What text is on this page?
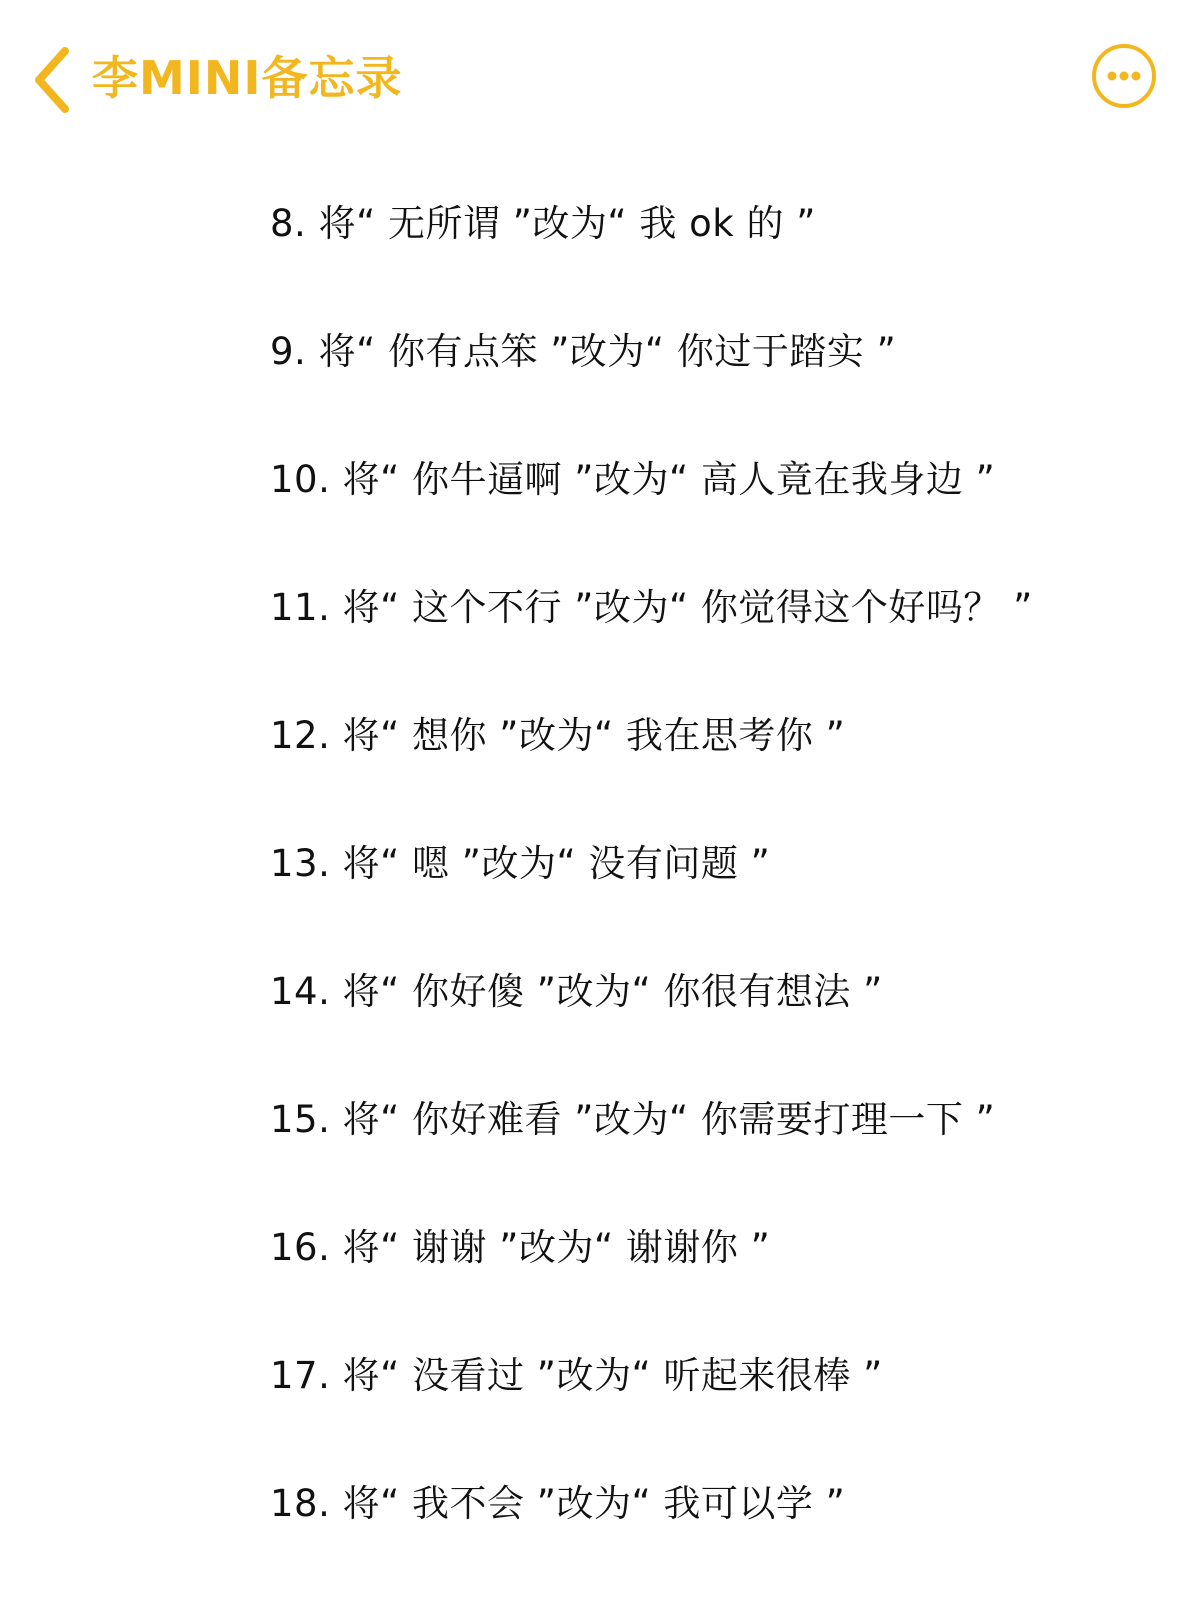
李MINI备忘录
8. 将“ 无所谓 ”改为“ 我 ok 的 ”
9. 将“ 你有点笨 ”改为“ 你过于踏实 ”
10. 将“ 你牛逼啊 ”改为“ 高人竟在我身边 ”
11. 将“ 这个不行 ”改为“ 你觉得这个好吗？ ”
12. 将“ 想你 ”改为“ 我在思考你 ”
13. 将“ 嗯 ”改为“ 没有问题 ”
14. 将“ 你好傻 ”改为“ 你很有想法 ”
15. 将“ 你好难看 ”改为“ 你需要打理一下 ”
16. 将“ 谢谢 ”改为“ 谢谢你 ”
17. 将“ 没看过 ”改为“ 听起来很棒 ”
18. 将“ 我不会 ”改为“ 我可以学 ”
